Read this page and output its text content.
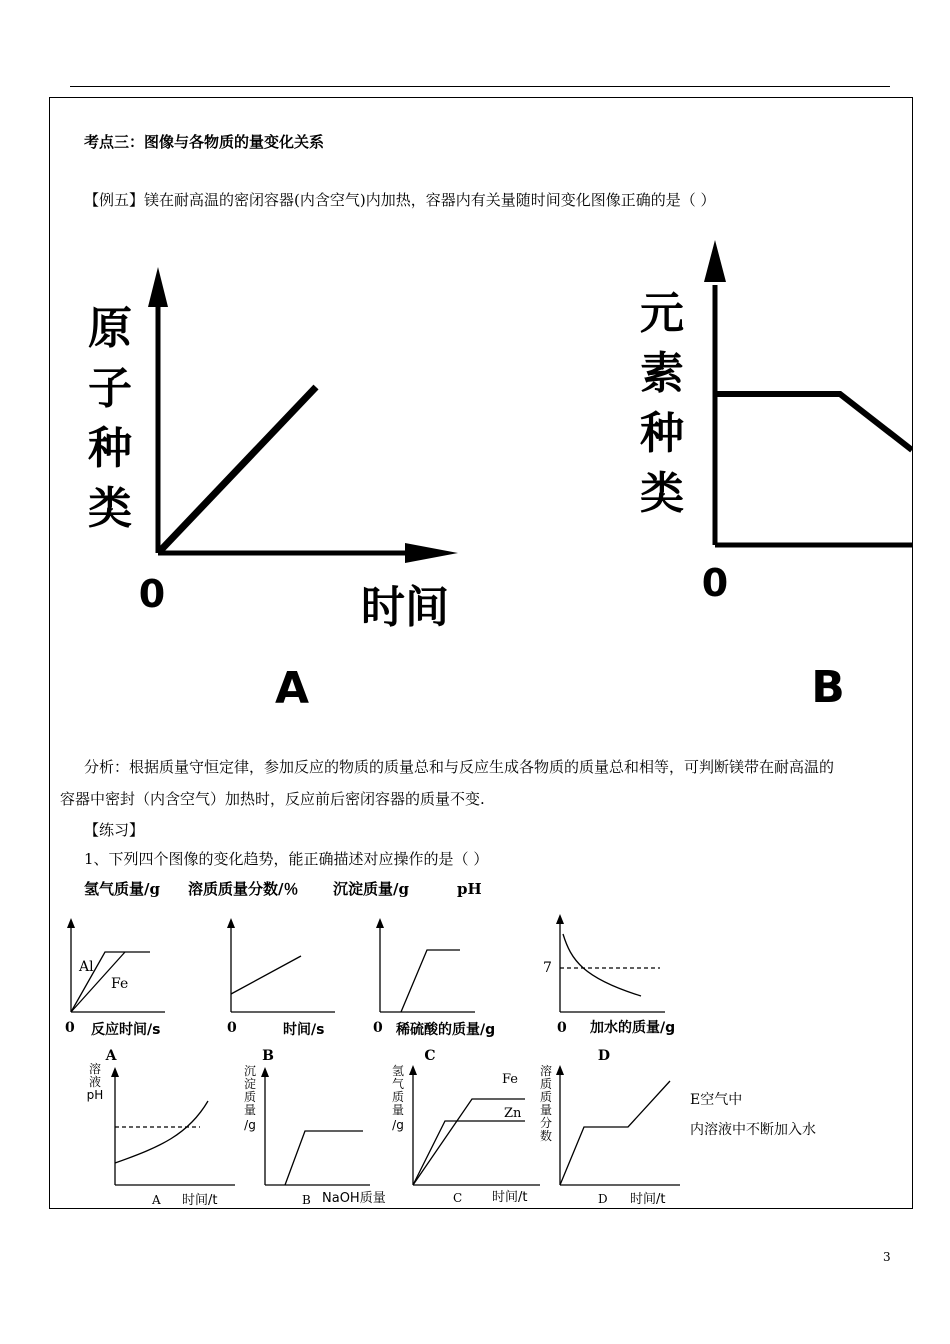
考点三：图像与各物质的量变化关系
【例五】镁在耐高温的密闭容器(内含空气)内加热，容器内有关量随时间变化图像正确的是（ ）
原
子
种
类
0	时间
A
元
素
种
类
0
B
分析：根据质量守恒定律，参加反应的物质的质量总和与反应生成各物质的质量总和相等，可判断镁带在耐高温的
容器中密封（内含空气）加热时，反应前后密闭容器的质量不变.
【练习】
1、下列四个图像的变化趋势，能正确描述对应操作的是（ ）
氢气质量/g 溶质质量分数/％ 沉淀质量/g	pH
Al
Fe
7
0 反应时间/s	0	时间/s	0 稀硫酸的质量/g	0 加水的质量/g
A	B	C	D
溶
液
pH
沉
淀
质
量
/g
氢
气
质
量
/g
溶
质
质
量
分
数
Fe
Zn
A 时间/t	B NaOH质量	C 时间/t	D 时间/t
E空气中
内溶液中不断加入水
3
